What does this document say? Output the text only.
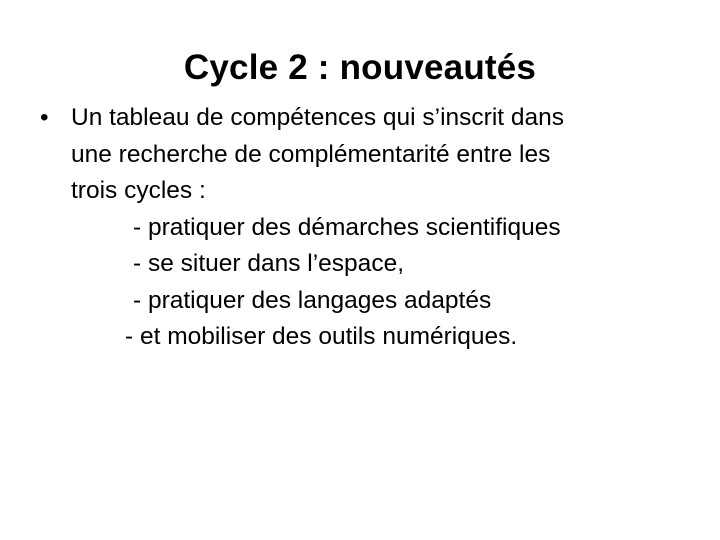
Cycle 2 : nouveautés
• Un tableau de compétences qui s’inscrit dans
une recherche de complémentarité entre les
trois cycles :
- pratiquer des démarches scientifiques
- se situer dans l’espace,
- pratiquer des langages adaptés
- et mobiliser des outils numériques.
